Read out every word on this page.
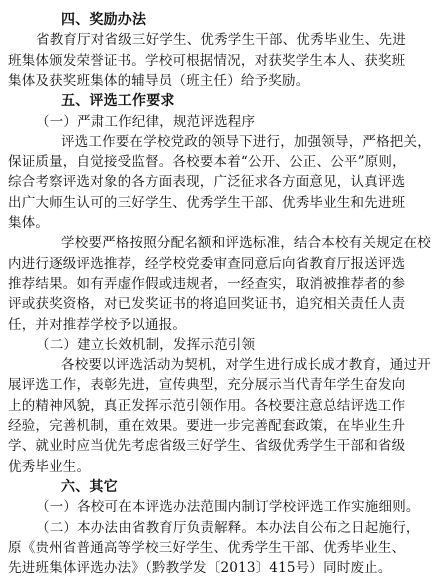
四、奖励办法
省教育厅对省级三好学生、优秀学生干部、优秀毕业生、先进
班集体颁发荣誉证书。学校可根据情况，对获奖学生本人、获奖班
集体及获奖班集体的辅导员（班主任）给予奖励。
五、评选工作要求
（一）严肃工作纪律，规范评选程序
评选工作要在学校党政的领导下进行，加强领导，严格把关，
保证质量，自觉接受监督。各校要本着“公开、公正、公平”原则，
综合考察评选对象的各方面表现，广泛征求各方面意见，认真评选
出广大师生认可的三好学生、优秀学生干部、优秀毕业生和先进班
集体。
学校要严格按照分配名额和评选标准，结合本校有关规定在校
内进行逐级评选推荐，经学校党委审查同意后向省教育厅报送评选
推荐结果。如有弄虚作假或违规者，一经查实，取消被推荐者的参
评或获奖资格，对已发奖证书的将追回奖证书，追究相关责任人责
任，并对推荐学校予以通报。
（二）建立长效机制，发挥示范引领
各校要以评选活动为契机，对学生进行成长成才教育，通过开
展评选工作，表彰先进，宣传典型，充分展示当代青年学生奋发向
上的精神风貌，真正发挥示范引领作用。各校要注意总结评选工作
经验，完善机制，重在效果。要进一步完善配套政策，在毕业生升
学、就业时应当优先考虑省级三好学生、省级优秀学生干部和省级
优秀毕业生。
六、其它
（一）各校可在本评选办法范围内制订学校评选工作实施细则。
（二）本办法由省教育厅负责解释。本办法自公布之日起施行，
原《贵州省普通高等学校三好学生、优秀学生干部、优秀毕业生、
先进班集体评选办法》（黔教学发〔2013〕415号）同时废止。
